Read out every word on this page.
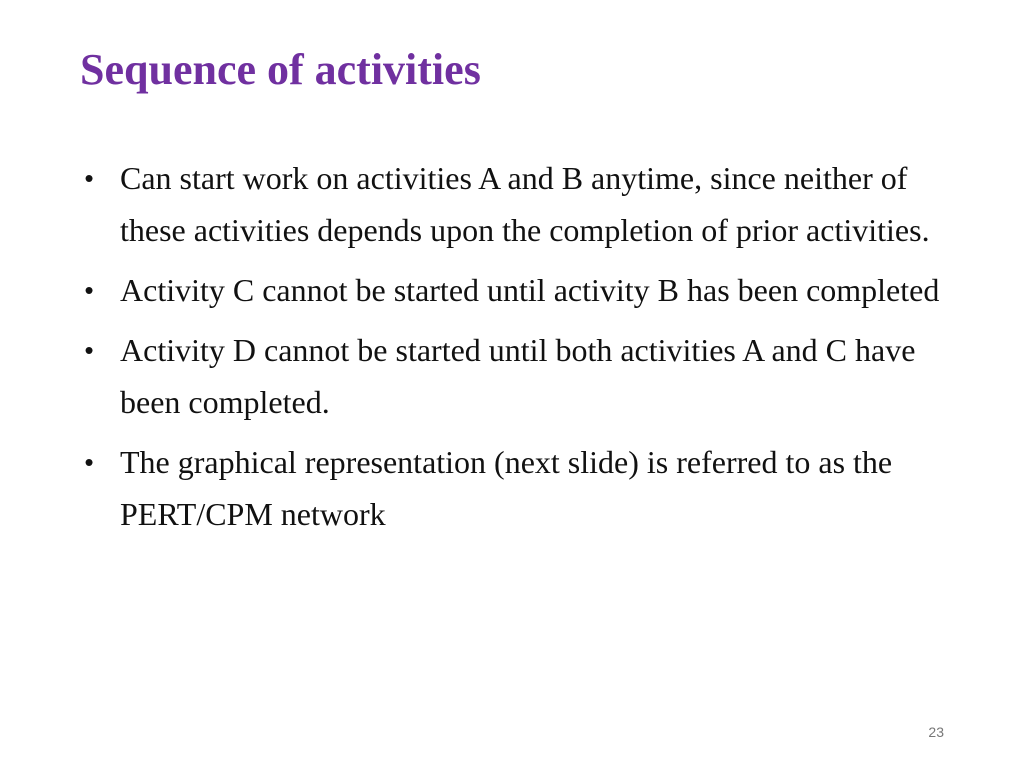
Sequence of activities
• Can start work on activities A and B anytime, since neither of these activities depends upon the completion of prior activities.
• Activity C cannot be started until activity B has been completed
• Activity D cannot be started until both activities A and C have been completed.
• The graphical representation (next slide) is referred to as the PERT/CPM network
23
